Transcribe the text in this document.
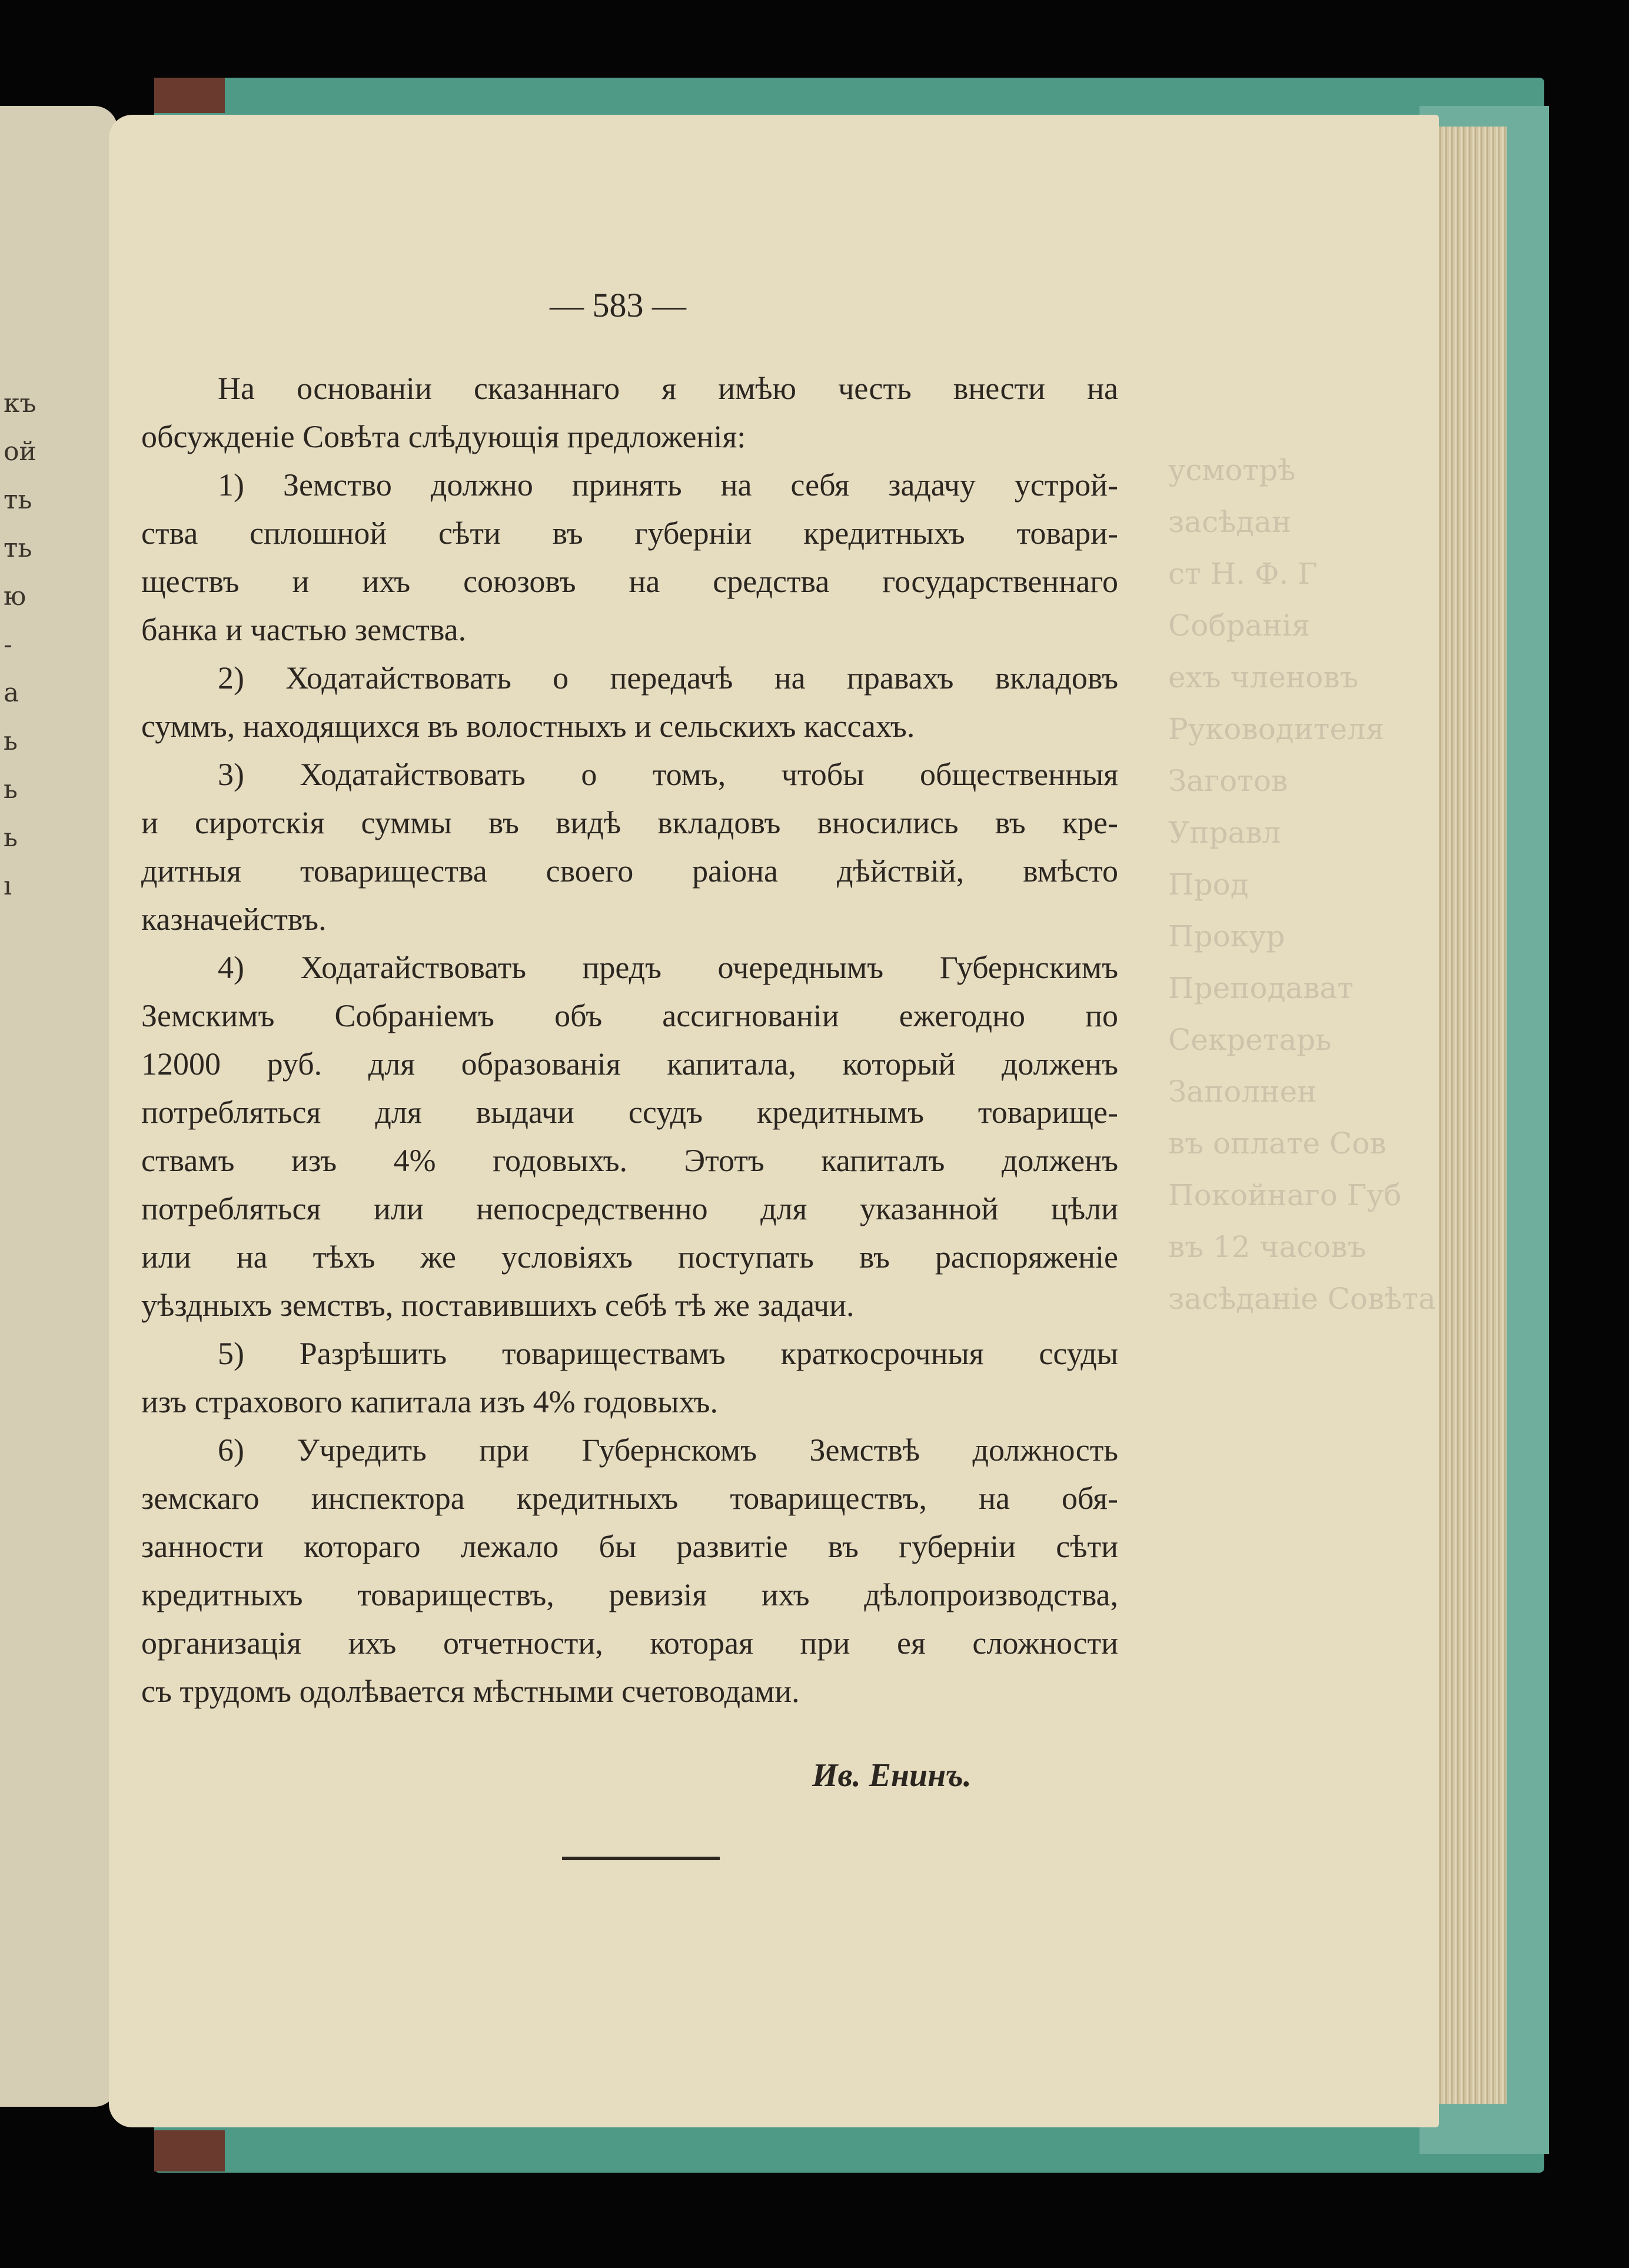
къ
ой
ть
ть
ю
-
а
ь
ь
ь
ı
усмотрѣ
засѣдан
ст Н. Ф. Г
Собранiя
ехъ членовъ
Руководителя
Заготов
Управл
Прод
Прокур
Преподават
Секретарь
Заполнен
въ оплате Сов
Покойнаго Губ
въ 12 часовъ
засѣданiе Совѣта
— 583 —
На основанiи сказаннаго я имѣю честь внести на
обсужденiе Совѣта слѣдующiя предложенiя:
1) Земство должно принять на себя задачу устрой-
ства сплошной сѣти въ губернiи кредитныхъ товари-
ществъ и ихъ союзовъ на средства государственнаго
банка и частью земства.
2) Ходатайствовать о передачѣ на правахъ вкладовъ
суммъ, находящихся въ волостныхъ и сельскихъ кассахъ.
3) Ходатайствовать о томъ, чтобы общественныя
и сиротскiя суммы въ видѣ вкладовъ вносились въ кре-
дитныя товарищества своего раiона дѣйствiй, вмѣсто
казначействъ.
4) Ходатайствовать предъ очереднымъ Губернскимъ
Земскимъ Собранiемъ объ ассигнованiи ежегодно по
12000 руб. для образованiя капитала, который долженъ
потребляться для выдачи ссудъ кредитнымъ товарище-
ствамъ изъ 4% годовыхъ. Этотъ капиталъ долженъ
потребляться или непосредственно для указанной цѣли
или на тѣхъ же условiяхъ поступать въ распоряженiе
уѣздныхъ земствъ, поставившихъ себѣ тѣ же задачи.
5) Разрѣшить товариществамъ краткосрочныя ссуды
изъ страхового капитала изъ 4% годовыхъ.
6) Учредить при Губернскомъ Земствѣ должность
земскаго инспектора кредитныхъ товариществъ, на обя-
занности котораго лежало бы развитiе въ губернiи сѣти
кредитныхъ товариществъ, ревизiя ихъ дѣлопроизводства,
организацiя ихъ отчетности, которая при ея сложности
съ трудомъ одолѣвается мѣстными счетоводами.
Ив. Енинъ.
